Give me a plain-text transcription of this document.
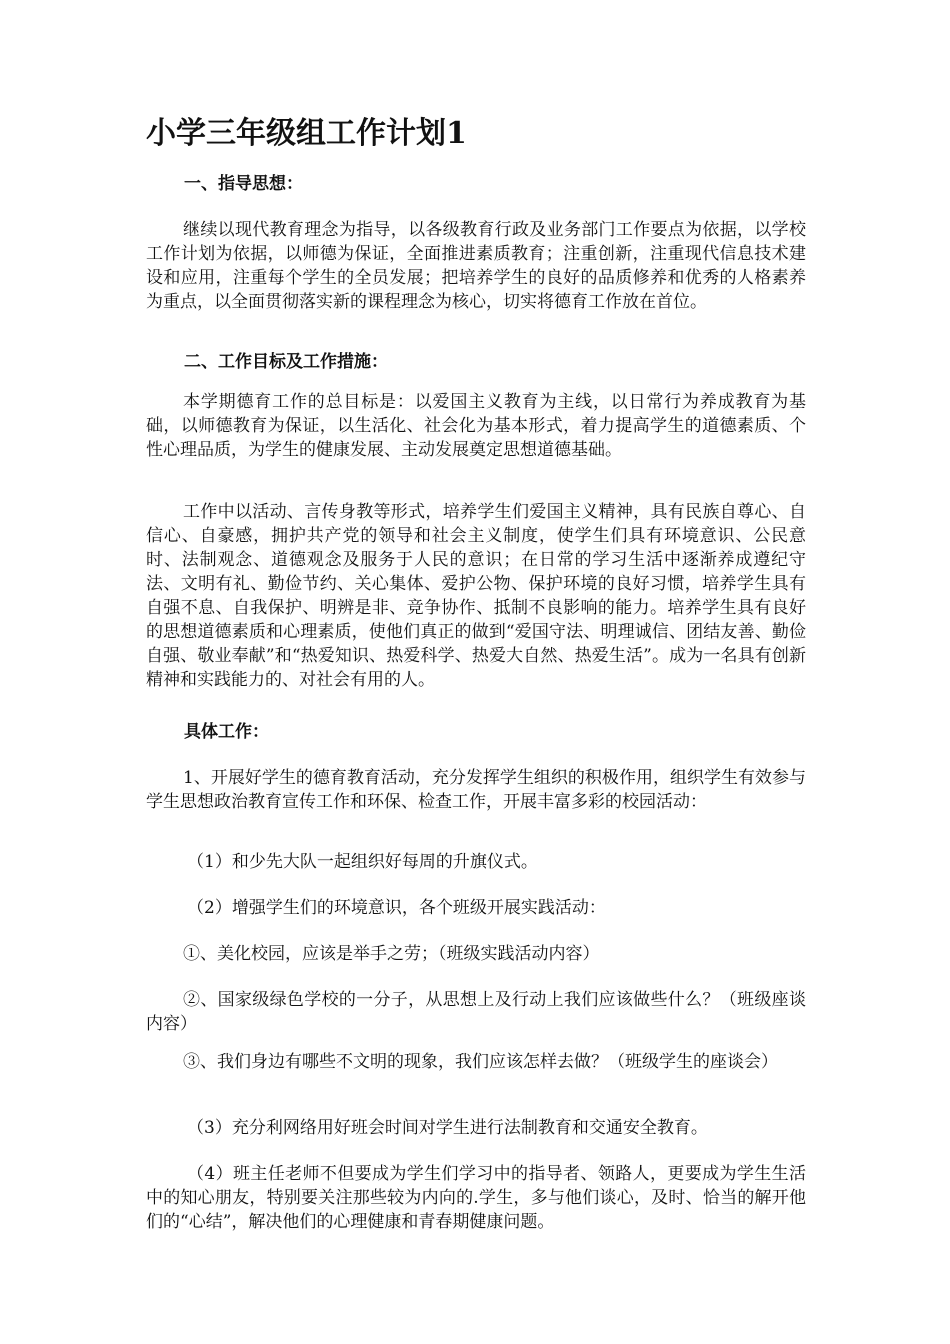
小学三年级组工作计划1
一、指导思想：

继续以现代教育理念为指导，以各级教育行政及业务部门工作要点为依据，以学校工作计划为依据，以师德为保证，全面推进素质教育；注重创新，注重现代信息技术建设和应用，注重每个学生的全员发展；把培养学生的良好的品质修养和优秀的人格素养为重点，以全面贯彻落实新的课程理念为核心，切实将德育工作放在首位。

二、工作目标及工作措施：

本学期德育工作的总目标是：以爱国主义教育为主线，以日常行为养成教育为基础，以师德教育为保证，以生活化、社会化为基本形式，着力提高学生的道德素质、个性心理品质，为学生的健康发展、主动发展奠定思想道德基础。

工作中以活动、言传身教等形式，培养学生们爱国主义精神，具有民族自尊心、自信心、自豪感，拥护共产党的领导和社会主义制度，使学生们具有环境意识、公民意时、法制观念、道德观念及服务于人民的意识；在日常的学习生活中逐渐养成遵纪守法、文明有礼、勤俭节约、关心集体、爱护公物、保护环境的良好习惯，培养学生具有自强不息、自我保护、明辨是非、竞争协作、抵制不良影响的能力。培养学生具有良好的思想道德素质和心理素质，使他们真正的做到“爱国守法、明理诚信、团结友善、勤俭自强、敬业奉献”和“热爱知识、热爱科学、热爱大自然、热爱生活”。成为一名具有创新精神和实践能力的、对社会有用的人。

具体工作：

1、开展好学生的德育教育活动，充分发挥学生组织的积极作用，组织学生有效参与学生思想政治教育宣传工作和环保、检查工作，开展丰富多彩的校园活动：

（1）和少先大队一起组织好每周的升旗仪式。

（2）增强学生们的环境意识，各个班级开展实践活动：

①、美化校园，应该是举手之劳；（班级实践活动内容）

②、国家级绿色学校的一分子，从思想上及行动上我们应该做些什么？（班级座谈内容）

③、我们身边有哪些不文明的现象，我们应该怎样去做？（班级学生的座谈会）

（3）充分利网络用好班会时间对学生进行法制教育和交通安全教育。

（4）班主任老师不但要成为学生们学习中的指导者、领路人，更要成为学生生活中的知心朋友，特别要关注那些较为内向的.学生，多与他们谈心，及时、恰当的解开他们的“心结”，解决他们的心理健康和青春期健康问题。
